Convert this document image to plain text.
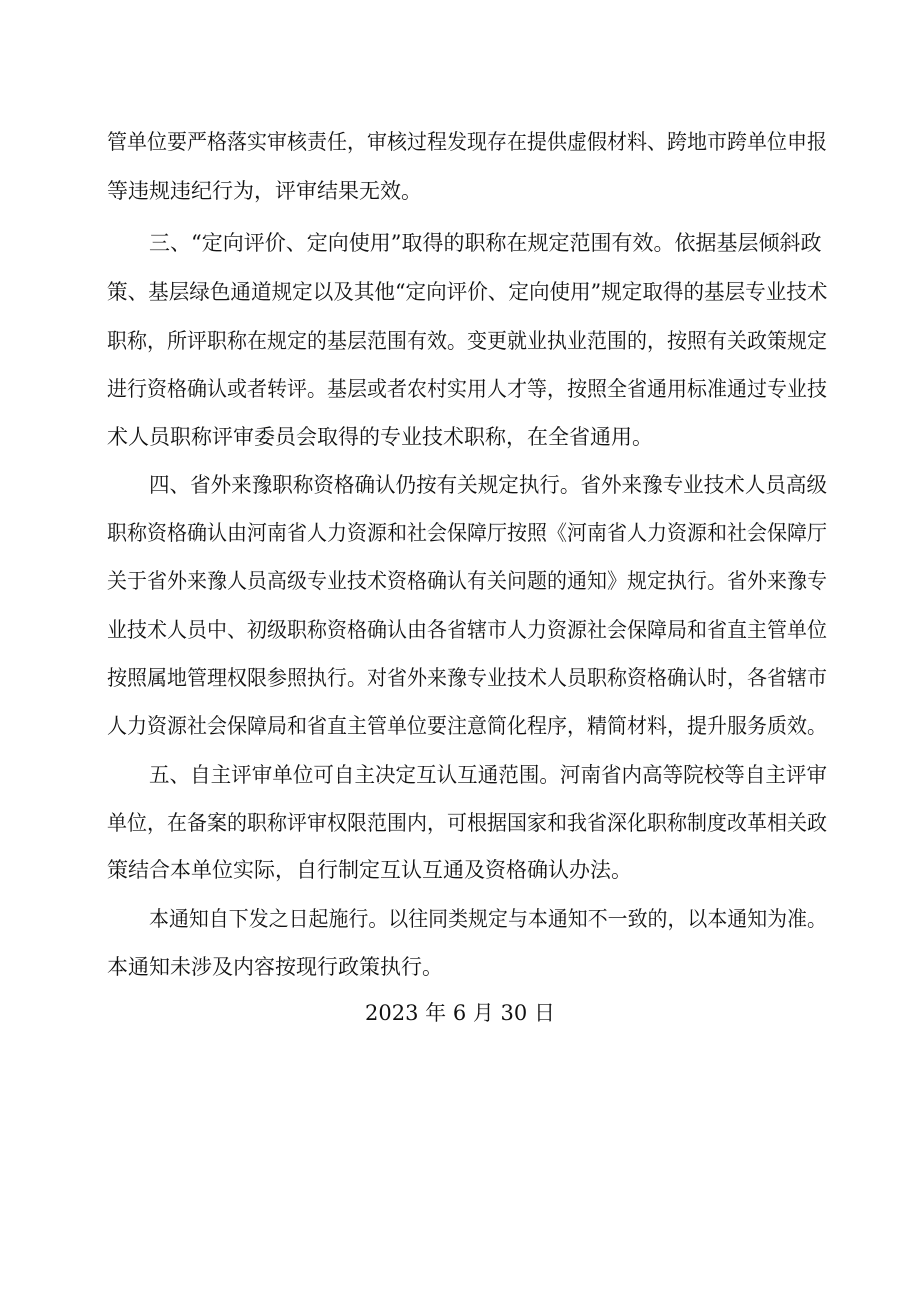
管单位要严格落实审核责任，审核过程发现存在提供虚假材料、跨地市跨单位申报
等违规违纪行为，评审结果无效。
三、“定向评价、定向使用”取得的职称在规定范围有效。依据基层倾斜政
策、基层绿色通道规定以及其他“定向评价、定向使用”规定取得的基层专业技术
职称，所评职称在规定的基层范围有效。变更就业执业范围的，按照有关政策规定
进行资格确认或者转评。基层或者农村实用人才等，按照全省通用标准通过专业技
术人员职称评审委员会取得的专业技术职称，在全省通用。
四、省外来豫职称资格确认仍按有关规定执行。省外来豫专业技术人员高级
职称资格确认由河南省人力资源和社会保障厅按照《河南省人力资源和社会保障厅
关于省外来豫人员高级专业技术资格确认有关问题的通知》规定执行。省外来豫专
业技术人员中、初级职称资格确认由各省辖市人力资源社会保障局和省直主管单位
按照属地管理权限参照执行。对省外来豫专业技术人员职称资格确认时，各省辖市
人力资源社会保障局和省直主管单位要注意简化程序，精简材料，提升服务质效。
五、自主评审单位可自主决定互认互通范围。河南省内高等院校等自主评审
单位，在备案的职称评审权限范围内，可根据国家和我省深化职称制度改革相关政
策结合本单位实际，自行制定互认互通及资格确认办法。
本通知自下发之日起施行。以往同类规定与本通知不一致的，以本通知为准。
本通知未涉及内容按现行政策执行。
2023 年 6 月 30 日
